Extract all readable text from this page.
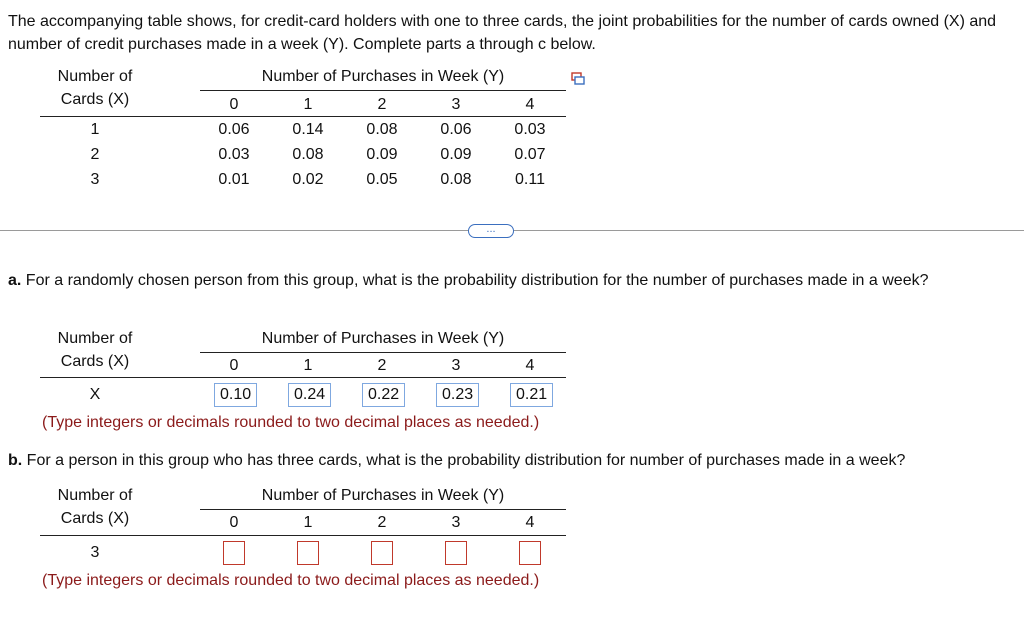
The accompanying table shows, for credit-card holders with one to three cards, the joint probabilities for the number of cards owned (X) and number of credit purchases made in a week (Y). Complete parts a through c below.
Number of
Cards (X)
Number of Purchases in Week (Y)
0	1	2	3	4
1	0.06	0.14	0.08	0.06	0.03
2	0.03	0.08	0.09	0.09	0.07
3	0.01	0.02	0.05	0.08	0.11
...
a. For a randomly chosen person from this group, what is the probability distribution for the number of purchases made in a week?
Number of
Cards (X)
Number of Purchases in Week (Y)
0	1	2	3	4
X	0.10	0.24	0.22	0.23	0.21
(Type integers or decimals rounded to two decimal places as needed.)
b. For a person in this group who has three cards, what is the probability distribution for number of purchases made in a week?
Number of
Cards (X)
Number of Purchases in Week (Y)
0	1	2	3	4
3
(Type integers or decimals rounded to two decimal places as needed.)
